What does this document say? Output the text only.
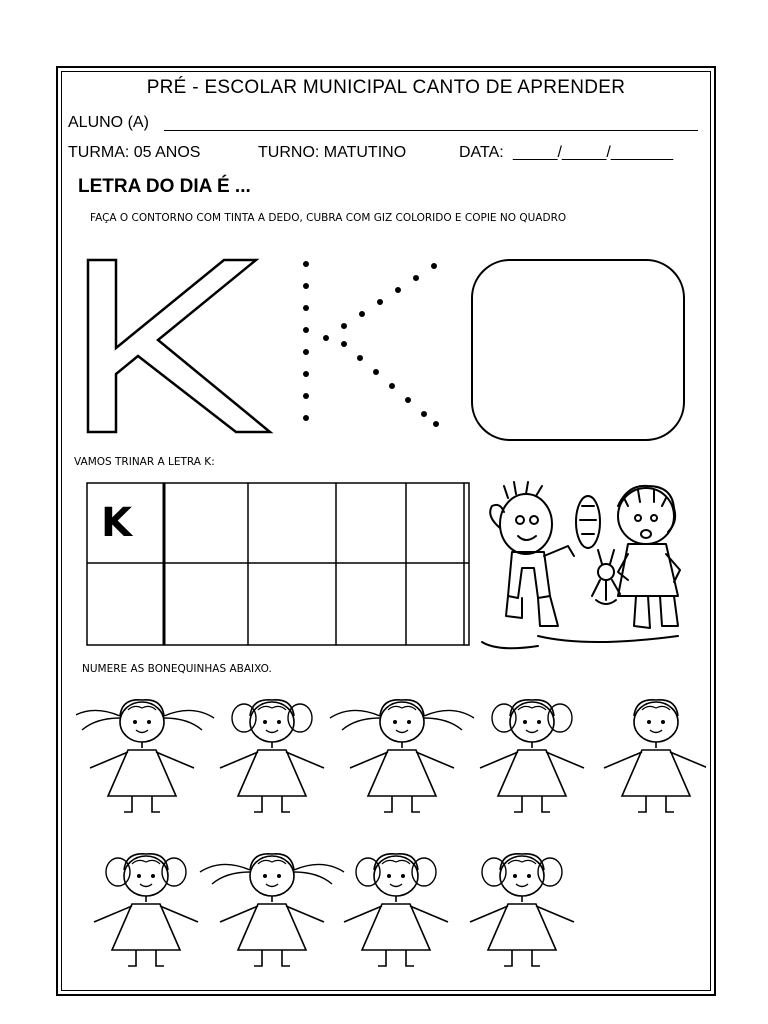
PRÉ - ESCOLAR MUNICIPAL CANTO DE APRENDER
ALUNO (A)
TURMA: 05 ANOS	TURNO: MATUTINO	DATA: _____/_____/_______
LETRA DO DIA É ...
FAÇA O CONTORNO COM TINTA A DEDO, CUBRA COM GIZ COLORIDO E COPIE NO QUADRO
VAMOS TRINAR A LETRA K:
K
NUMERE AS BONEQUINHAS ABAIXO.
